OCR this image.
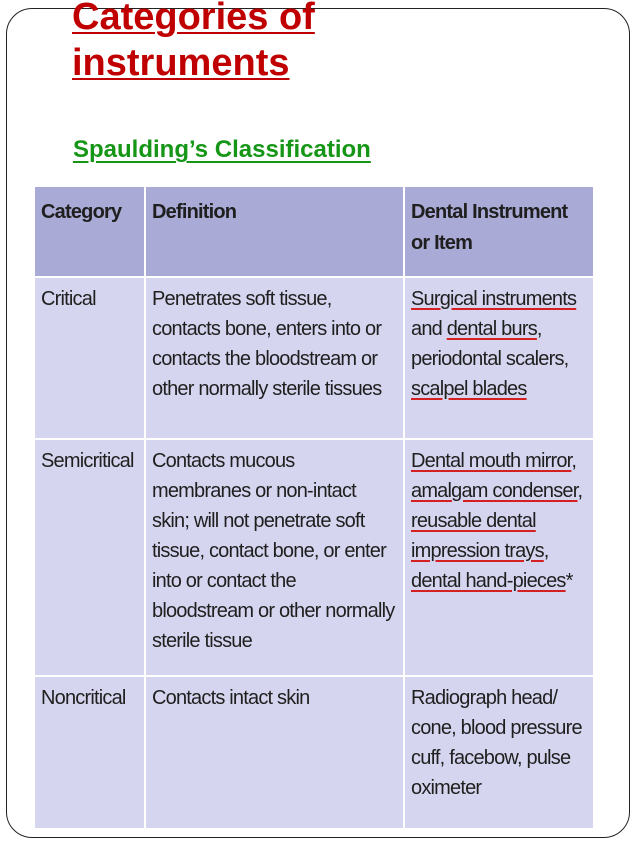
Categories of
instruments
Spaulding’s Classification
Category	Definition	Dental Instrument or Item
Critical	Penetrates soft tissue, contacts bone, enters into or contacts the bloodstream or other normally sterile tissues	Surgical instruments and dental burs, periodontal scalers, scalpel blades
Semicritical	Contacts mucous membranes or non-intact skin; will not penetrate soft tissue, contact bone, or enter into or contact the bloodstream or other normally sterile tissue	Dental mouth mirror, amalgam condenser, reusable dental impression trays, dental hand-pieces*
Noncritical	Contacts intact skin	Radiograph head/ cone, blood pressure cuff, facebow, pulse oximeter
